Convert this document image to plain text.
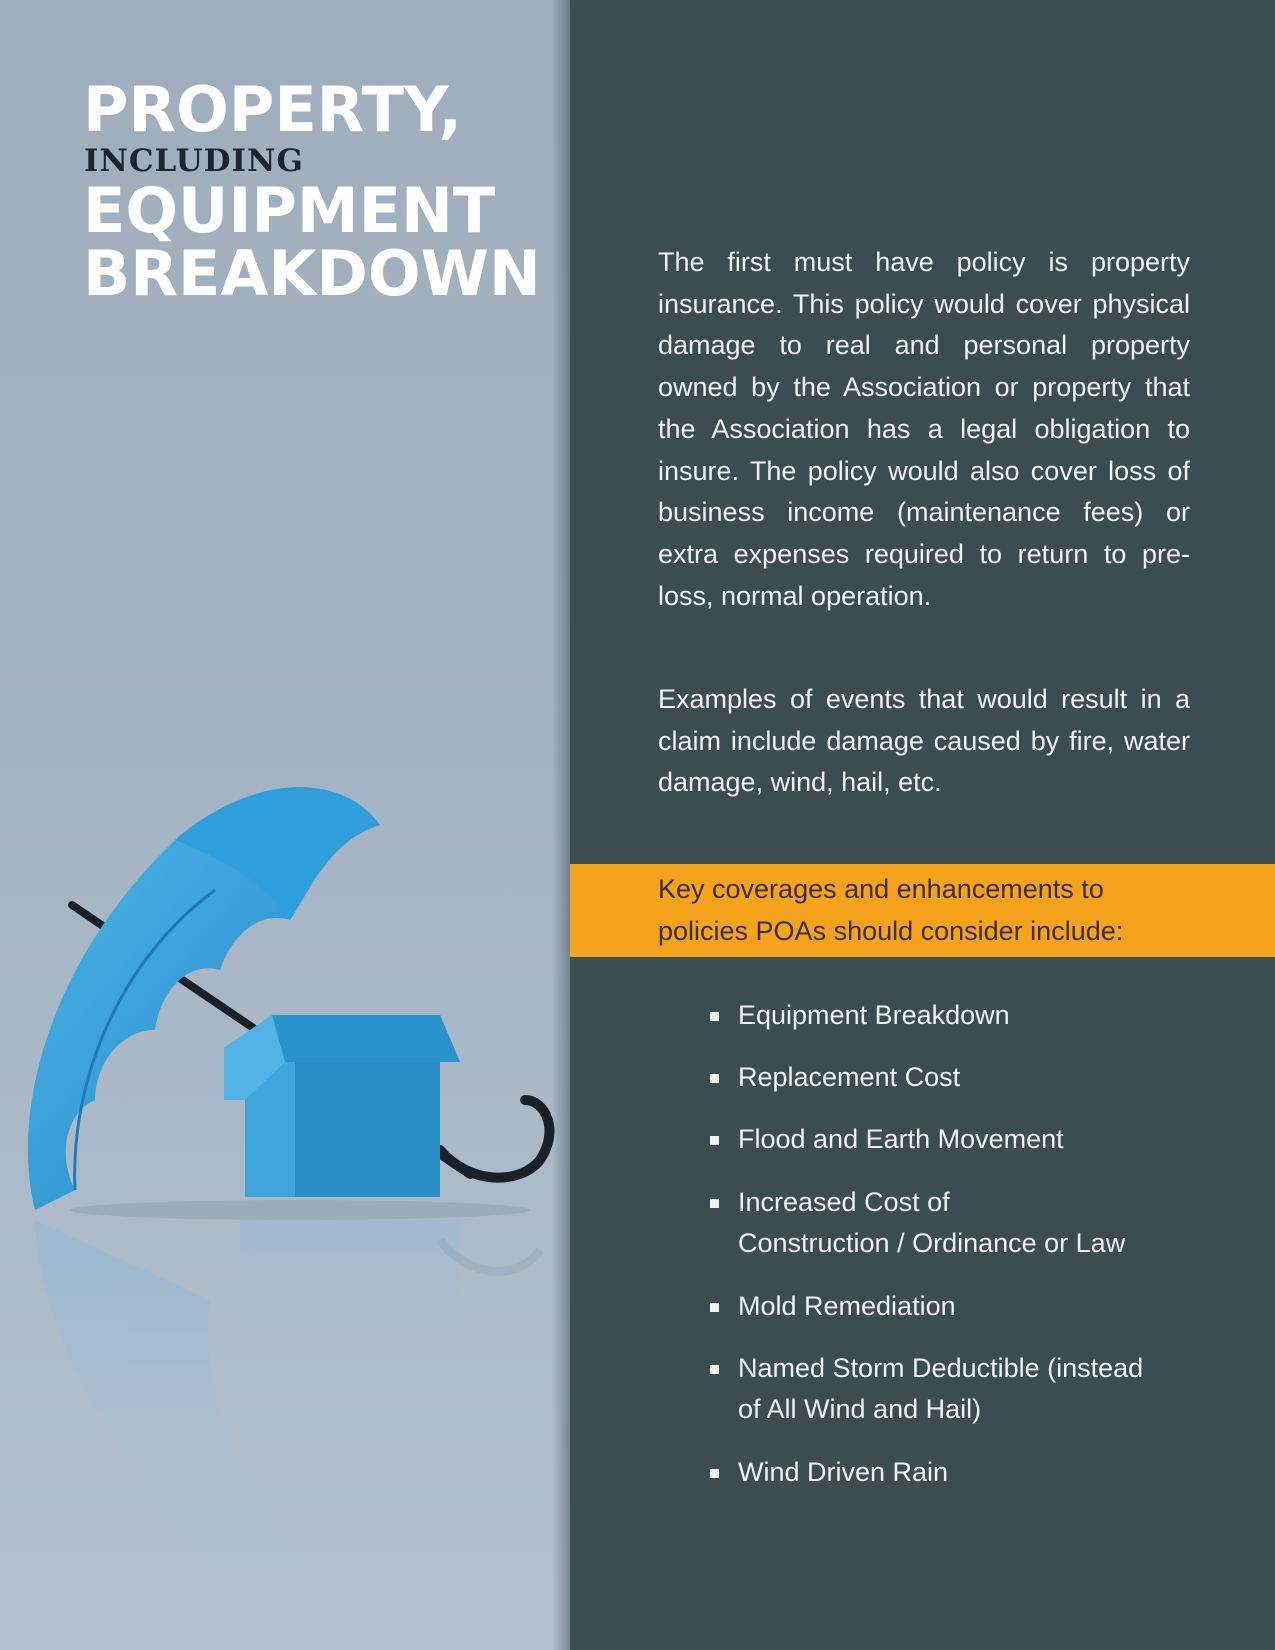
PROPERTY,
INCLUDING
EQUIPMENT
BREAKDOWN	The first must have policy is property insurance. This policy would cover physical damage to real and personal property owned by the Association or property that the Association has a legal obligation to insure. The policy would also cover loss of business income (maintenance fees) or extra expenses required to return to pre-loss, normal operation.

Examples of events that would result in a claim include damage caused by fire, water damage, wind, hail, etc.

Key coverages and enhancements to
policies POAs should consider include:

Equipment Breakdown
Replacement Cost
Flood and Earth Movement
Increased Cost of
Construction / Ordinance or Law
Mold Remediation
Named Storm Deductible (instead
of All Wind and Hail)
Wind Driven Rain
